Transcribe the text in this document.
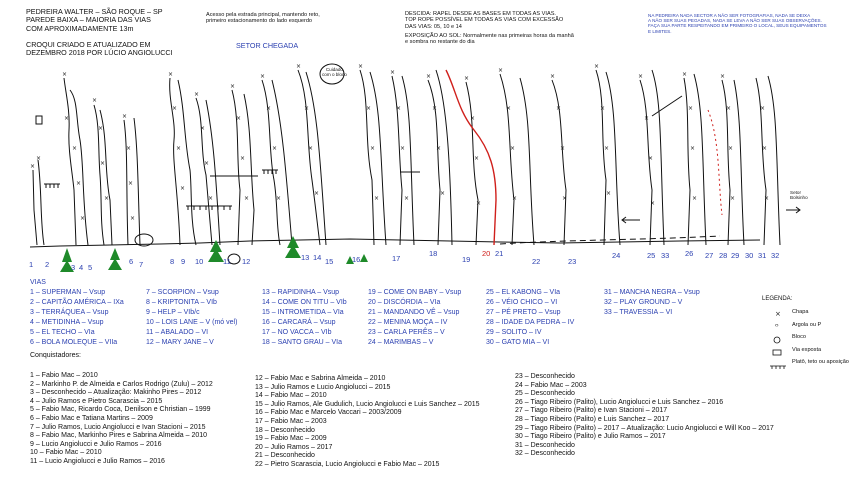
×
×
×
×
×
×
×
×
×
×
×
×
×
×
×
×
×
×
×
×
×
×
×
×
×
×
×
×
×
×
×
×
×
×
×
×
×
×
×
×
×
×
×
×
×
×
×
×
×
×
×
×
×
×
×
×
×
×
×
×
×
×
×
×
×
×
×
×	×
×
×	×
×
×
×
×	×	×
×
ᴼ
PEDREIRA WALTER – SÃO ROQUE – SP
PAREDE BAIXA – MAIORIA DAS VIAS
COM APROXIMADAMENTE 13m
CROQUI CRIADO E ATUALIZADO EM
DEZEMBRO 2018 POR LÚCIO ANGIOLUCCI
Acesso pela estrada principal, mantendo reto,
primeiro estacionamento do lado esquerdo
SETOR CHEGADA
DESCIDA: RAPEL DESDE AS BASES EM TODAS AS VIAS.
TOP ROPE POSSÍVEL EM TODAS AS VIAS COM EXCESSÃO
DAS VIAS: 05, 10 e 14
EXPOSIÇÃO AO SOL: Normalmente nas primeiras horas da manhã
e sombra no restante do dia
NA PEDREIRA NADA SECTOR A NÃO SER FOTOGRAFIAS, NADA SE DEIXA
A NÃO SER SUAS PEGADAS, NADA SE LEVA A NÃO SER SUAS OBSERVAÇÕES.
FAÇA SUA PARTE RESPEITANDO EM PRIMEIRO O LOCAL, SEUS EQUIPAMENTOS
E LIMITES.
Cuidado
com o bloco
Setor
Bolsinho
1 2	3 4 5
6 7	8 9 10	11 12	13 14 15 16	17
18
19
20 21
22	23
24	25 33 26 27 28 29 30 31 32
VIAS
1 – SUPERMAN – Vsup
2 – CAPITÃO AMÉRICA – IXa
3 – TERRÁQUEA – Vsup
4 – METIDINHA – Vsup
5 – EL TECHO – VIa
6 – BOLA MOLEQUE – VIIa
7 – SCORPION – Vsup
8 – KRIPTONITA – VIb
9 – HELP – VIb/c
10 – LOIS LANE – V (mó vel)
11 – ABALADO – VI
12 – MARY JANE – V
13 – RAPIDINHA – Vsup
14 – COME ON TITU – VIb
15 – INTROMETIDA – VIa
16 – CARCARÁ – Vsup
17 – NO VACCA – VIb
18 – SANTO GRAU – VIa
19 – COME ON BABY – Vsup
20 – DISCÓRDIA – VIa
21 – MANDANDO VÊ – Vsup
22 – MENINA MOÇA – IV
23 – CARLA PERÊS – V
24 – MARIMBAS – V
25 – EL KABONG – VIa
26 – VÉIO CHICO – VI
27 – PÉ PRETO – Vsup
28 – IDADE DA PEDRA – IV
29 – SOLITO – IV
30 – GATO MIA – VI
31 – MANCHA NEGRA – Vsup
32 – PLAY GROUND – V
33 – TRAVESSIA – VI
LEGENDA:
Chapa
Argola ou P
Bloco
Via exposta
Platô, teto ou aposição
Conquistadores:
1 – Fabio Mac – 2010
2 – Markinho P. de Almeida e Carlos Rodrigo (Zulu) – 2012
3 – Desconhecido – Atualização: Makinho Pires – 2012
4 – Julio Ramos e Pietro Scarascia – 2015
5 – Fabio Mac, Ricardo Coca, Denilson e Christian – 1999
6 – Fabio Mac e Tatiana Martins – 2009
7 – Julio Ramos, Lucio Angiolucci e Ivan Stacioni – 2015
8 – Fabio Mac, Markinho Pires e Sabrina Almeida – 2010
9 – Lucio Angiolucci e Julio Ramos – 2016
10 – Fabio Mac – 2010
11 – Lucio Angiolucci e Julio Ramos – 2016
12 – Fabio Mac e Sabrina Almeida – 2010
13 – Julio Ramos e Lucio Angiolucci – 2015
14 – Fabio Mac – 2010
15 – Julio Ramos, Ale Gudulich, Lucio Angiolucci e Luis Sanchez – 2015
16 – Fabio Mac e Marcelo Vaccari – 2003/2009
17 – Fabio Mac – 2003
18 – Desconhecido
19 – Fabio Mac – 2009
20 – Julio Ramos – 2017
21 – Desconhecido
22 – Pietro Scarascia, Lucio Angiolucci e Fabio Mac – 2015
23 – Desconhecido
24 – Fabio Mac – 2003
25 – Desconhecido
26 – Tiago Ribeiro (Palito), Lucio Angiolucci e Luis Sanchez – 2016
27 – Tiago Ribeiro (Palito) e Ivan Stacioni – 2017
28 – Tiago Ribeiro (Palito) e Luis Sanchez – 2017
29 – Tiago Ribeiro (Palito) – 2017 – Atualização: Lucio Angiolucci e Will Koo – 2017
30 – Tiago Ribeiro (Palito) e Julio Ramos – 2017
31 – Desconhecido
32 – Desconhecido
